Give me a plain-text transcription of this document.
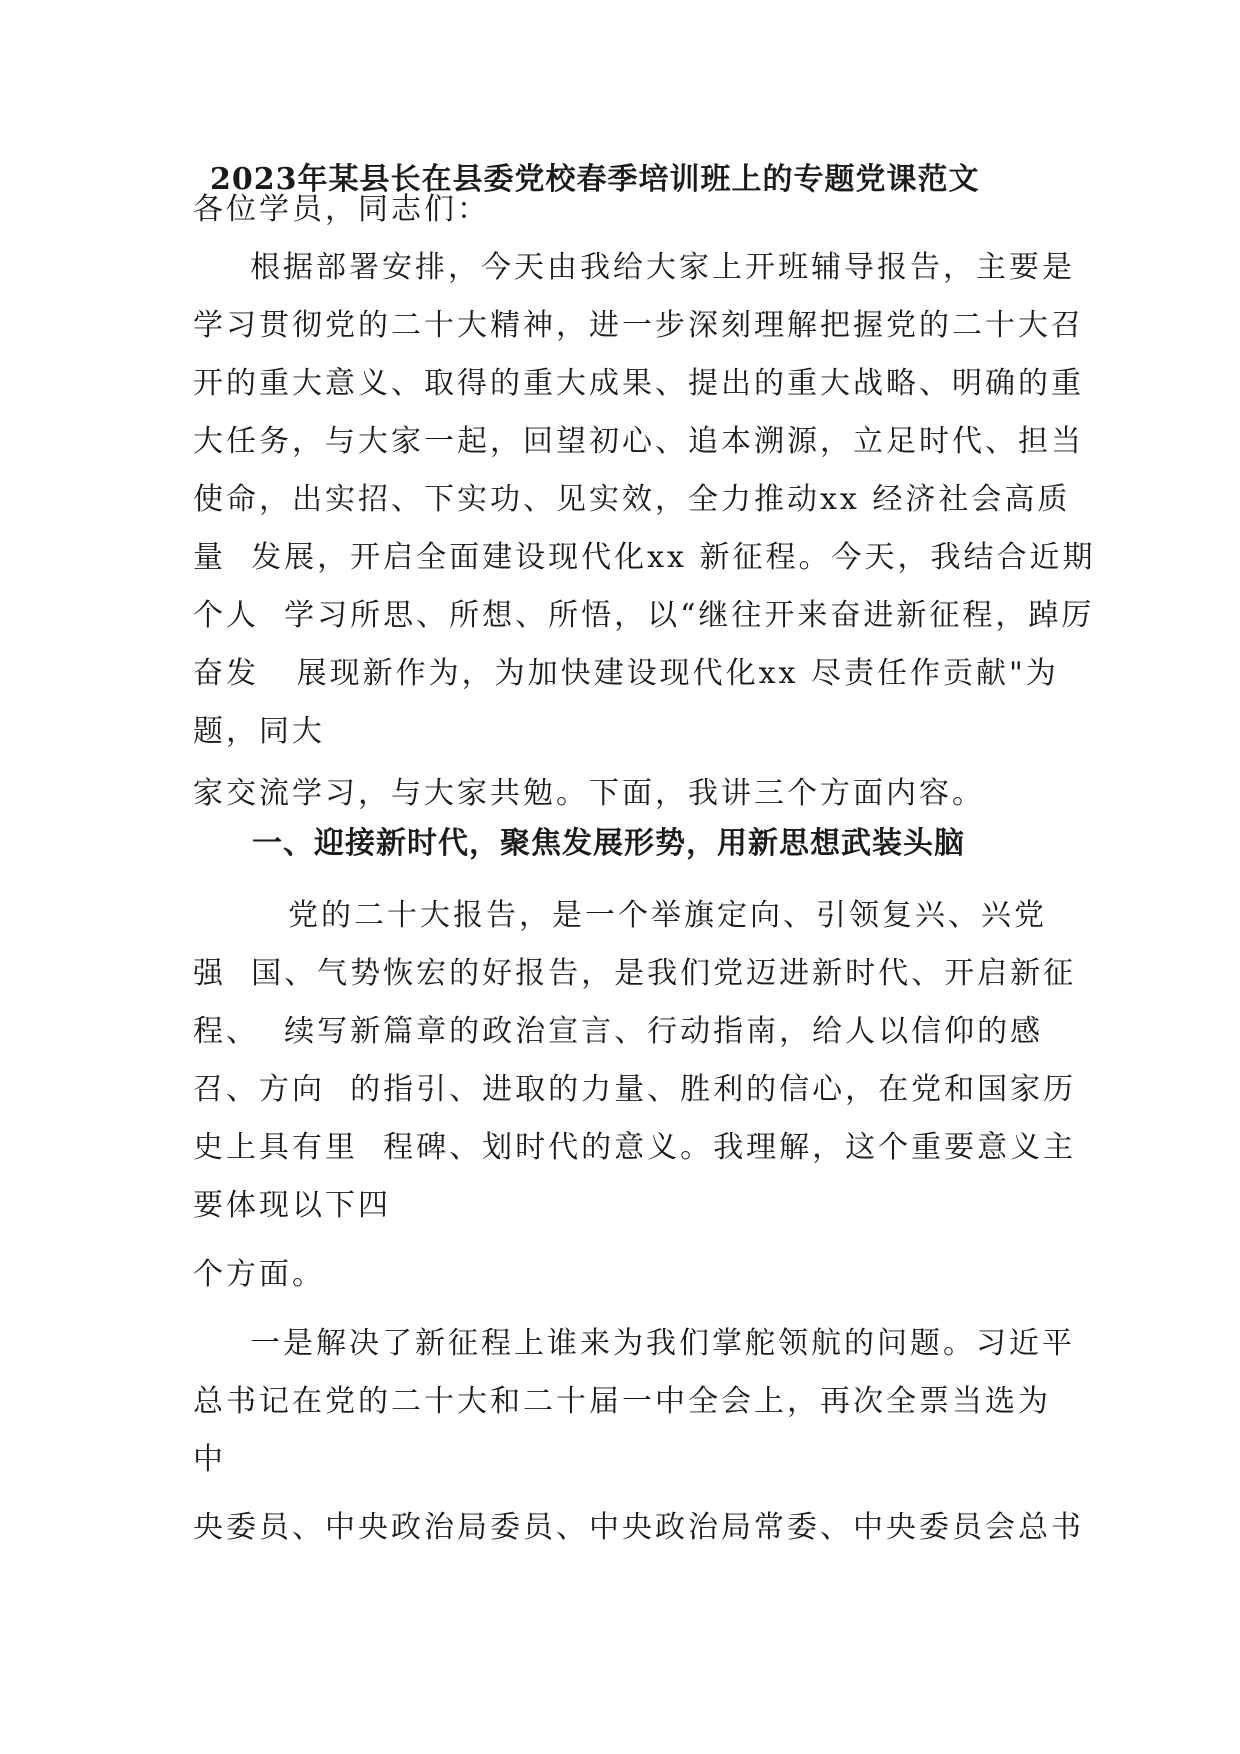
2023年某县长在县委党校春季培训班上的专题党课范文
各位学员，同志们：
根据部署安排，今天由我给大家上开班辅导报告，主要是
学习贯彻党的二十大精神，进一步深刻理解把握党的二十大召
开的重大意义、取得的重大成果、提出的重大战略、明确的重
大任务，与大家一起，回望初心、追本溯源，立足时代、担当
使命，出实招、下实功、见实效，全力推动xx 经济社会高质
量  发展，开启全面建设现代化xx 新征程。今天，我结合近期
个人  学习所思、所想、所悟，以“继往开来奋进新征程，踔厉
奋发   展现新作为，为加快建设现代化xx 尽责任作贡献"为
题，同大
家交流学习，与大家共勉。下面，我讲三个方面内容。
一、迎接新时代，聚焦发展形势，用新思想武装头脑
党的二十大报告，是一个举旗定向、引领复兴、兴党
强  国、气势恢宏的好报告，是我们党迈进新时代、开启新征
程、  续写新篇章的政治宣言、行动指南，给人以信仰的感
召、方向  的指引、进取的力量、胜利的信心，在党和国家历
史上具有里  程碑、划时代的意义。我理解，这个重要意义主
要体现以下四
个方面。
一是解决了新征程上谁来为我们掌舵领航的问题。习近平
总书记在党的二十大和二十届一中全会上，再次全票当选为
中
央委员、中央政治局委员、中央政治局常委、中央委员会总书
